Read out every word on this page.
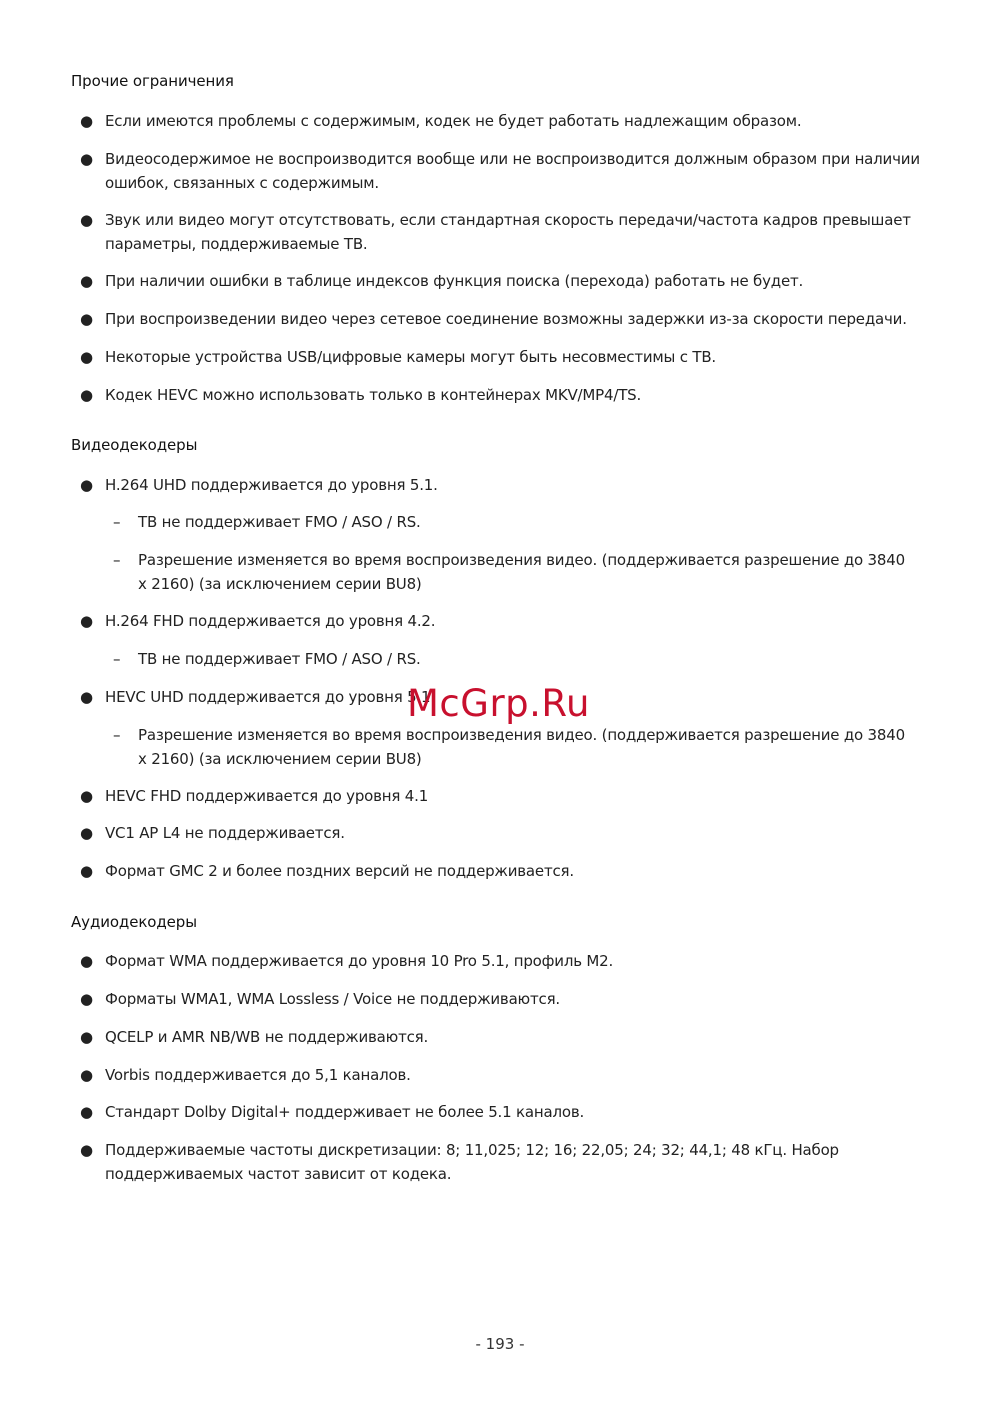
Прочие ограничения
● Если имеются проблемы с содержимым, кодек не будет работать надлежащим образом.
● Видеосодержимое не воспроизводится вообще или не воспроизводится должным образом при наличии ошибок, связанных с содержимым.
● Звук или видео могут отсутствовать, если стандартная скорость передачи/частота кадров превышает параметры, поддерживаемые ТВ.
● При наличии ошибки в таблице индексов функция поиска (перехода) работать не будет.
● При воспроизведении видео через сетевое соединение возможны задержки из-за скорости передачи.
● Некоторые устройства USB/цифровые камеры могут быть несовместимы с ТВ.
● Кодек HEVC можно использовать только в контейнерах MKV/MP4/TS.
Видеодекодеры
● H.264 UHD поддерживается до уровня 5.1.
– ТВ не поддерживает FMO / ASO / RS.
– Разрешение изменяется во время воспроизведения видео. (поддерживается разрешение до 3840 x 2160) (за исключением серии BU8)
● H.264 FHD поддерживается до уровня 4.2.
– ТВ не поддерживает FMO / ASO / RS.
● HEVC UHD поддерживается до уровня 5.1.
– Разрешение изменяется во время воспроизведения видео. (поддерживается разрешение до 3840 x 2160) (за исключением серии BU8)
● HEVC FHD поддерживается до уровня 4.1
● VC1 AP L4 не поддерживается.
● Формат GMC 2 и более поздних версий не поддерживается.
Аудиодекодеры
● Формат WMA поддерживается до уровня 10 Pro 5.1, профиль M2.
● Форматы WMA1, WMA Lossless / Voice не поддерживаются.
● QCELP и AMR NB/WB не поддерживаются.
● Vorbis поддерживается до 5,1 каналов.
● Стандарт Dolby Digital+ поддерживает не более 5.1 каналов.
● Поддерживаемые частоты дискретизации: 8; 11,025; 12; 16; 22,05; 24; 32; 44,1; 48 кГц. Набор поддерживаемых частот зависит от кодека.
McGrp.Ru
- 193 -
